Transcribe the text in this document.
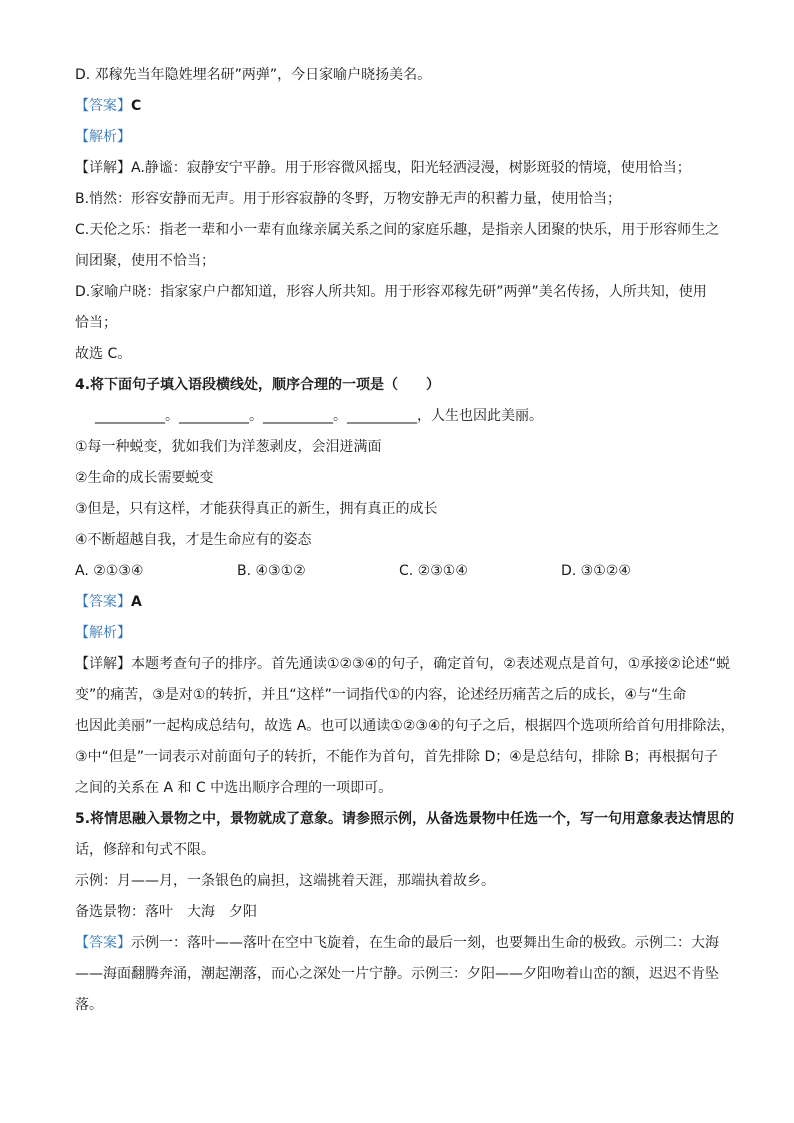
D. 邓稼先当年隐姓埋名研”两弹”，今日家喻户晓扬美名。
【答案】C
【解析】
【详解】A.静谧：寂静安宁平静。用于形容微风摇曳，阳光轻洒浸漫，树影斑驳的情境，使用恰当；
B.悄然：形容安静而无声。用于形容寂静的冬野，万物安静无声的积蓄力量，使用恰当；
C.天伦之乐：指老一辈和小一辈有血缘亲属关系之间的家庭乐趣，是指亲人团聚的快乐，用于形容师生之
间团聚，使用不恰当；
D.家喻户晓：指家家户户都知道，形容人所共知。用于形容邓稼先研”两弹”美名传扬，人所共知，使用
恰当；
故选 C。
4.将下面句子填入语段横线处，顺序合理的一项是（　　）
__________。__________。__________。__________，人生也因此美丽。
①每一种蜕变，犹如我们为洋葱剥皮，会泪迸满面
②生命的成长需要蜕变
③但是，只有这样，才能获得真正的新生，拥有真正的成长
④不断超越自我，才是生命应有的姿态
A. ②①③④	B. ④③①②	C. ②③①④	D. ③①②④
【答案】A
【解析】
【详解】本题考查句子的排序。首先通读①②③④的句子，确定首句，②表述观点是首句，①承接②论述“蜕
变”的痛苦，③是对①的转折，并且“这样”一词指代①的内容，论述经历痛苦之后的成长，④与“生命
也因此美丽”一起构成总结句，故选 A。也可以通读①②③④的句子之后，根据四个选项所给首句用排除法，
③中“但是”一词表示对前面句子的转折，不能作为首句，首先排除 D；④是总结句，排除 B；再根据句子
之间的关系在 A 和 C 中选出顺序合理的一项即可。
5.将情思融入景物之中，景物就成了意象。请参照示例，从备选景物中任选一个，写一句用意象表达情思的
话，修辞和句式不限。
示例：月——月，一条银色的扁担，这端挑着天涯，那端执着故乡。
备选景物：落叶　大海　夕阳
【答案】示例一：落叶——落叶在空中飞旋着，在生命的最后一刻，也要舞出生命的极致。示例二：大海
——海面翻腾奔涌，潮起潮落，而心之深处一片宁静。示例三：夕阳——夕阳吻着山峦的额，迟迟不肯坠
落。
